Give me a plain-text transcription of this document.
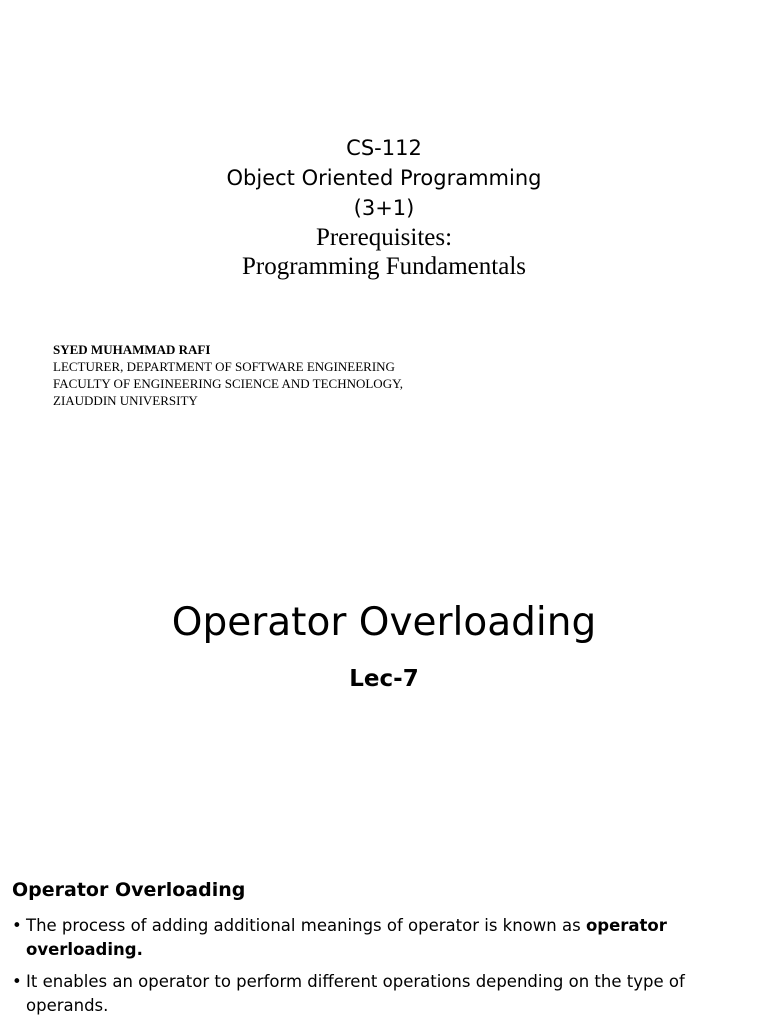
CS-112
Object Oriented Programming
(3+1)
Prerequisites:
Programming Fundamentals
SYED MUHAMMAD RAFI
LECTURER, DEPARTMENT OF SOFTWARE ENGINEERING
FACULTY OF ENGINEERING SCIENCE AND TECHNOLOGY,
ZIAUDDIN UNIVERSITY
Operator Overloading
Lec-7
Operator Overloading
• The process of adding additional meanings of operator is known as operator overloading.
• It enables an operator to perform different operations depending on the type of operands.
